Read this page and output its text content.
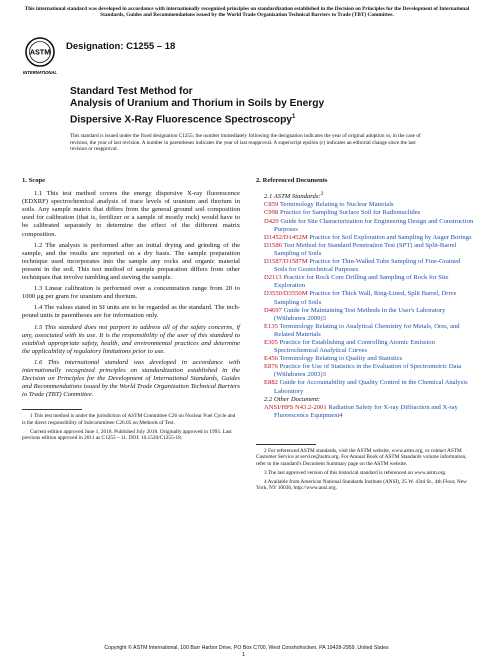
This international standard was developed in accordance with internationally recognized principles on standardization established in the Decision on Principles for the Development of International Standards, Guides and Recommendations issued by the World Trade Organization Technical Barriers to Trade (TBT) Committee.
ASTM
INTERNATIONAL
Designation: C1255 – 18
Standard Test Method for
Analysis of Uranium and Thorium in Soils by Energy
Dispersive X-Ray Fluorescence Spectroscopy$^1$
This standard is issued under the fixed designation C1255; the number immediately following the designation indicates the year of original adoption or, in the case of revision, the year of last revision. A number in parentheses indicates the year of last reapproval. A superscript epsilon (ε) indicates an editorial change since the last revision or reapproval.
1. Scope

1.1 This test method covers the energy dispersive X-ray fluorescence (EDXRF) spectrochemical analysis of trace levels of uranium and thorium in soils. Any sample matrix that differs from the general ground soil composition used for calibration (that is, fertilizer or a sample of mostly rock) would have to be calibrated separately to determine the effect of the different matrix composition.

1.2 The analysis is performed after an initial drying and grinding of the sample, and the results are reported on a dry basis. The sample preparation technique used incorporates into the sample any rocks and organic material present in the soil. This test method of sample preparation differs from other techniques that involve tumbling and sieving the sample.

1.3 Linear calibration is performed over a concentration range from 20 to 1000 μg per gram for uranium and thorium.

1.4 The values stated in SI units are to be regarded as the standard. The inch-pound units in parentheses are for information only.

1.5 This standard does not purport to address all of the safety concerns, if any, associated with its use. It is the responsibility of the user of this standard to establish appropriate safety, health, and environmental practices and determine the applicability of regulatory limitations prior to use.

1.6 This international standard was developed in accordance with internationally recognized principles on standardization established in the Decision on Principles for the Development of International Standards, Guides and Recommendations issued by the World Trade Organization Technical Barriers to Trade (TBT) Committee.

1 This test method is under the jurisdiction of ASTM Committee C26 on Nuclear Fuel Cycle and is the direct responsibility of Subcommittee C26.05 on Methods of Test.

Current edition approved June 1, 2018. Published July 2018. Originally approved in 1993. Last previous edition approved in 2011 as C1255 – 11. DOI: 10.1520/C1255-18.

2. Referenced Documents
2.1 ASTM Standards:$^2$
C859 Terminology Relating to Nuclear Materials
C998 Practice for Sampling Surface Soil for Radionuclides
D420 Guide for Site Characterization for Engineering Design and Construction Purposes
D1452/D1452M Practice for Soil Exploration and Sampling by Auger Borings
D1586 Test Method for Standard Penetration Test (SPT) and Split-Barrel Sampling of Soils
D1587/D1587M Practice for Thin-Walled Tube Sampling of Fine-Grained Soils for Geotechnical Purposes
D2113 Practice for Rock Core Drilling and Sampling of Rock for Site Exploration
D3550/D3550M Practice for Thick Wall, Ring-Lined, Split Barrel, Drive Sampling of Soils
D4697 Guide for Maintaining Test Methods in the User's Laboratory (Withdrawn 2009)3
E135 Terminology Relating to Analytical Chemistry for Metals, Ores, and Related Materials
E305 Practice for Establishing and Controlling Atomic Emission Spectrochemical Analytical Curves
E456 Terminology Relating to Quality and Statistics
E876 Practice for Use of Statistics in the Evaluation of Spectrometric Data (Withdrawn 2003)3
E882 Guide for Accountability and Quality Control in the Chemical Analysis Laboratory
2.2 Other Document:
ANSI/HPS N43.2-2001 Radiation Safety for X-ray Diffraction and X-ray Fluorescence Equipment4

2 For referenced ASTM standards, visit the ASTM website, www.astm.org, or contact ASTM Customer Service at service@astm.org. For Annual Book of ASTM Standards volume information, refer to the standard's Document Summary page on the ASTM website.

3 The last approved version of this historical standard is referenced on www.astm.org.

4 Available from American National Standards Institute (ANSI), 25 W. 43rd St., 4th Floor, New York, NY 10036, http://www.ansi.org.

Copyright © ASTM International, 100 Barr Harbor Drive, PO Box C700, West Conshohocken, PA 19428-2959. United States
1
